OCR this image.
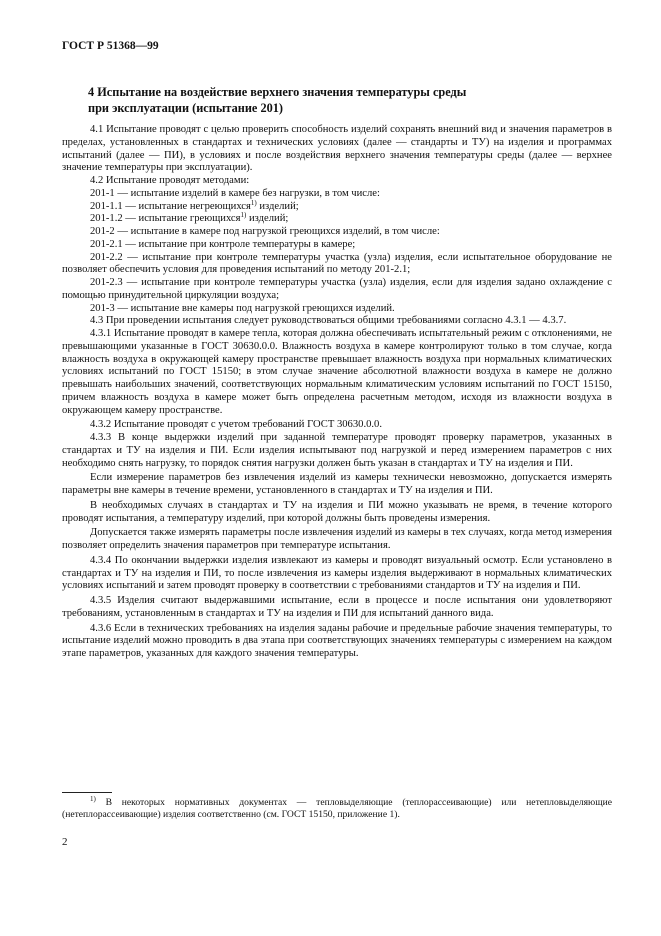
ГОСТ Р 51368—99
4 Испытание на воздействие верхнего значения температуры среды
при эксплуатации (испытание 201)

4.1 Испытание проводят с целью проверить способность изделий сохранять внешний вид и значения параметров в пределах, установленных в стандартах и технических условиях (далее — стандарты и ТУ) на изделия и программах испытаний (далее — ПИ), в условиях и после воздействия верхнего значения температуры среды (далее — верхнее значение температуры при эксплуатации).

4.2 Испытание проводят методами:

201-1 — испытание изделий в камере без нагрузки, в том числе:

201-1.1 — испытание негреющихся$^{1)}$ изделий;

201-1.2 — испытание греющихся$^{1)}$ изделий;

201-2 — испытание в камере под нагрузкой греющихся изделий, в том числе:

201-2.1 — испытание при контроле температуры в камере;

201-2.2 — испытание при контроле температуры участка (узла) изделия, если испытательное оборудование не позволяет обеспечить условия для проведения испытаний по методу 201-2.1;

201-2.3 — испытание при контроле температуры участка (узла) изделия, если для изделия задано охлаждение с помощью принудительной циркуляции воздуха;

201-3 — испытание вне камеры под нагрузкой греющихся изделий.

4.3 При проведении испытания следует руководствоваться общими требованиями согласно 4.3.1 — 4.3.7.

4.3.1 Испытание проводят в камере тепла, которая должна обеспечивать испытательный режим с отклонениями, не превышающими указанные в ГОСТ 30630.0.0. Влажность воздуха в камере контролируют только в том случае, когда влажность воздуха в окружающей камеру пространстве превышает влажность воздуха при нормальных климатических условиях испытаний по ГОСТ 15150; в этом случае значение абсолютной влажности воздуха в камере не должно превышать наибольших значений, соответствующих нормальным климатическим условиям испытаний по ГОСТ 15150, причем влажность воздуха в камере может быть определена расчетным методом, исходя из влажности воздуха в окружающем камеру пространстве.

4.3.2 Испытание проводят с учетом требований ГОСТ 30630.0.0.

4.3.3 В конце выдержки изделий при заданной температуре проводят проверку параметров, указанных в стандартах и ТУ на изделия и ПИ. Если изделия испытывают под нагрузкой и перед измерением параметров с них необходимо снять нагрузку, то порядок снятия нагрузки должен быть указан в стандартах и ТУ на изделия и ПИ.

Если измерение параметров без извлечения изделий из камеры технически невозможно, допускается измерять параметры вне камеры в течение времени, установленного в стандартах и ТУ на изделия и ПИ.

В необходимых случаях в стандартах и ТУ на изделия и ПИ можно указывать не время, в течение которого проводят испытания, а температуру изделий, при которой должны быть проведены измерения.

Допускается также измерять параметры после извлечения изделий из камеры в тех случаях, когда метод измерения позволяет определить значения параметров при температуре испытания.

4.3.4 По окончании выдержки изделия извлекают из камеры и проводят визуальный осмотр. Если установлено в стандартах и ТУ на изделия и ПИ, то после извлечения из камеры изделия выдерживают в нормальных климатических условиях испытаний и затем проводят проверку в соответствии с требованиями стандартов и ТУ на изделия и ПИ.

4.3.5 Изделия считают выдержавшими испытание, если в процессе и после испытания они удовлетворяют требованиям, установленным в стандартах и ТУ на изделия и ПИ для испытаний данного вида.

4.3.6 Если в технических требованиях на изделия заданы рабочие и предельные рабочие значения температуры, то испытание изделий можно проводить в два этапа при соответствующих значениях температуры с измерением на каждом этапе параметров, указанных для каждого значения температуры.

$^{1)}$ В некоторых нормативных документах — тепловыделяющие (теплорассеивающие) или нетепловыделяющие (нетеплорассеивающие) изделия соответственно (см. ГОСТ 15150, приложение 1).
2
